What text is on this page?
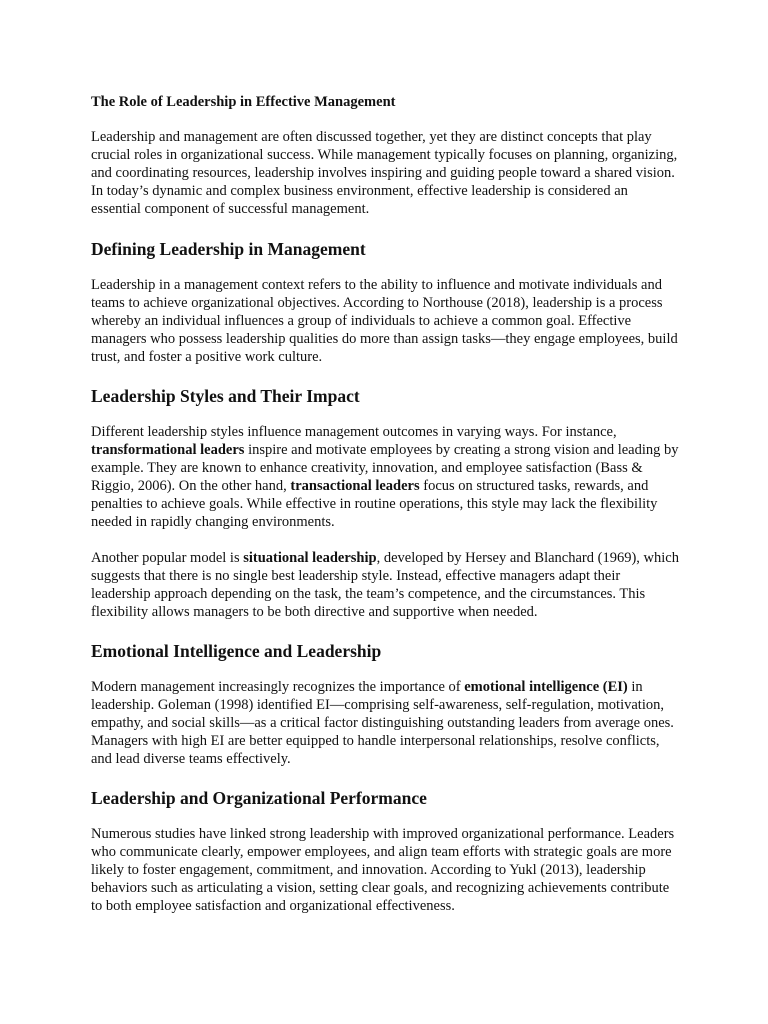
The Role of Leadership in Effective Management

Leadership and management are often discussed together, yet they are distinct concepts that play crucial roles in organizational success. While management typically focuses on planning, organizing, and coordinating resources, leadership involves inspiring and guiding people toward a shared vision. In today’s dynamic and complex business environment, effective leadership is considered an essential component of successful management.

Defining Leadership in Management

Leadership in a management context refers to the ability to influence and motivate individuals and teams to achieve organizational objectives. According to Northouse (2018), leadership is a process whereby an individual influences a group of individuals to achieve a common goal. Effective managers who possess leadership qualities do more than assign tasks—they engage employees, build trust, and foster a positive work culture.

Leadership Styles and Their Impact

Different leadership styles influence management outcomes in varying ways. For instance, transformational leaders inspire and motivate employees by creating a strong vision and leading by example. They are known to enhance creativity, innovation, and employee satisfaction (Bass & Riggio, 2006). On the other hand, transactional leaders focus on structured tasks, rewards, and penalties to achieve goals. While effective in routine operations, this style may lack the flexibility needed in rapidly changing environments.

Another popular model is situational leadership, developed by Hersey and Blanchard (1969), which suggests that there is no single best leadership style. Instead, effective managers adapt their leadership approach depending on the task, the team’s competence, and the circumstances. This flexibility allows managers to be both directive and supportive when needed.

Emotional Intelligence and Leadership

Modern management increasingly recognizes the importance of emotional intelligence (EI) in leadership. Goleman (1998) identified EI—comprising self-awareness, self-regulation, motivation, empathy, and social skills—as a critical factor distinguishing outstanding leaders from average ones. Managers with high EI are better equipped to handle interpersonal relationships, resolve conflicts, and lead diverse teams effectively.

Leadership and Organizational Performance

Numerous studies have linked strong leadership with improved organizational performance. Leaders who communicate clearly, empower employees, and align team efforts with strategic goals are more likely to foster engagement, commitment, and innovation. According to Yukl (2013), leadership behaviors such as articulating a vision, setting clear goals, and recognizing achievements contribute to both employee satisfaction and organizational effectiveness.
